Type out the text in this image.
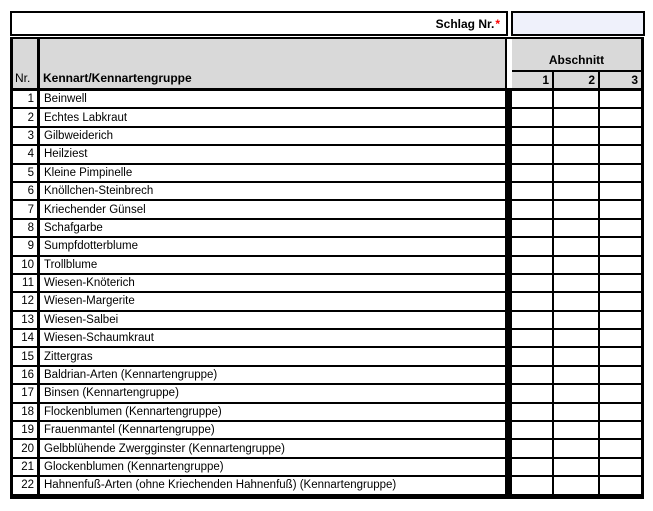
Schlag Nr. *
Nr.	Kennart/Kennartengruppe
Abschnitt
1	2	3
1 Beinwell
2 Echtes Labkraut
3 Gilbweiderich
4 Heilziest
5 Kleine Pimpinelle
6 Knöllchen-Steinbrech
7 Kriechender Günsel
8 Schafgarbe
9 Sumpfdotterblume
10 Trollblume
11 Wiesen-Knöterich
12 Wiesen-Margerite
13 Wiesen-Salbei
14 Wiesen-Schaumkraut
15 Zittergras
16 Baldrian-Arten (Kennartengruppe)
17 Binsen (Kennartengruppe)
18 Flockenblumen (Kennartengruppe)
19 Frauenmantel (Kennartengruppe)
20 Gelbblühende Zwergginster (Kennartengruppe)
21 Glockenblumen (Kennartengruppe)
22 Hahnenfuß-Arten (ohne Kriechenden Hahnenfuß) (Kennartengruppe)
